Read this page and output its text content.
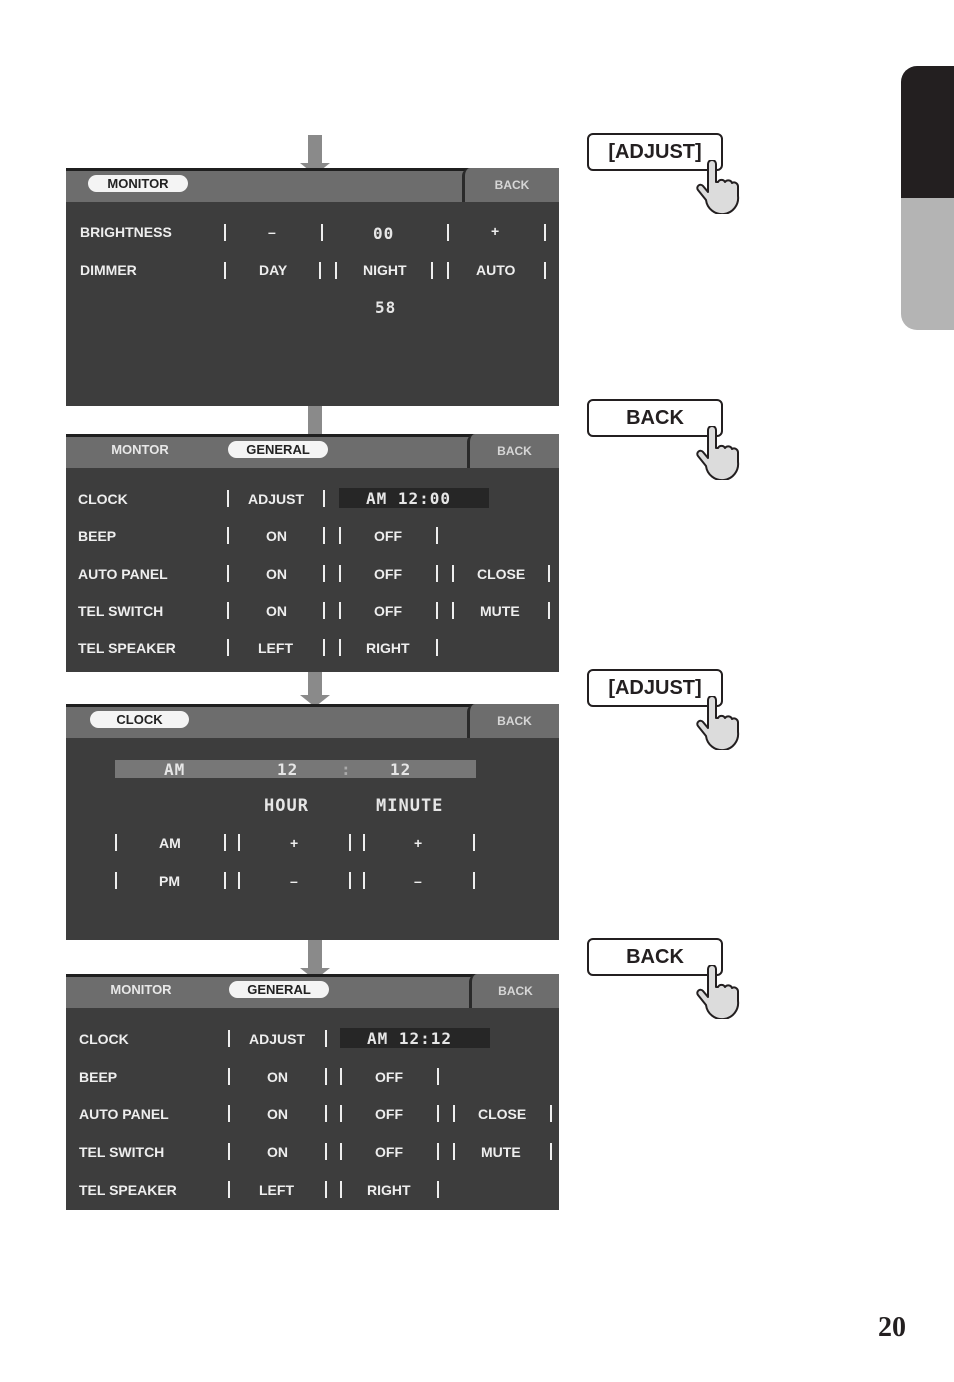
MONITOR	BACK
BRIGHTNESS	–	00	+
DIMMER	DAY	NIGHT	AUTO
58
MONTOR	GENERAL	BACK
CLOCK	ADJUST	AM 12:00
BEEP	ON	OFF
AUTO PANEL	ON	OFF	CLOSE
TEL SWITCH	ON	OFF	MUTE
TEL SPEAKER	LEFT	RIGHT
CLOCK	BACK
AM	12	: 12
HOUR	MINUTE
AM	+	+
PM	–	–
MONITOR	GENERAL	BACK
CLOCK	ADJUST	AM 12:12
BEEP	ON	OFF
AUTO PANEL	ON	OFF	CLOSE
TEL SWITCH	ON	OFF	MUTE
TEL SPEAKER	LEFT	RIGHT
[ADJUST]
BACK
[ADJUST]
BACK
20
